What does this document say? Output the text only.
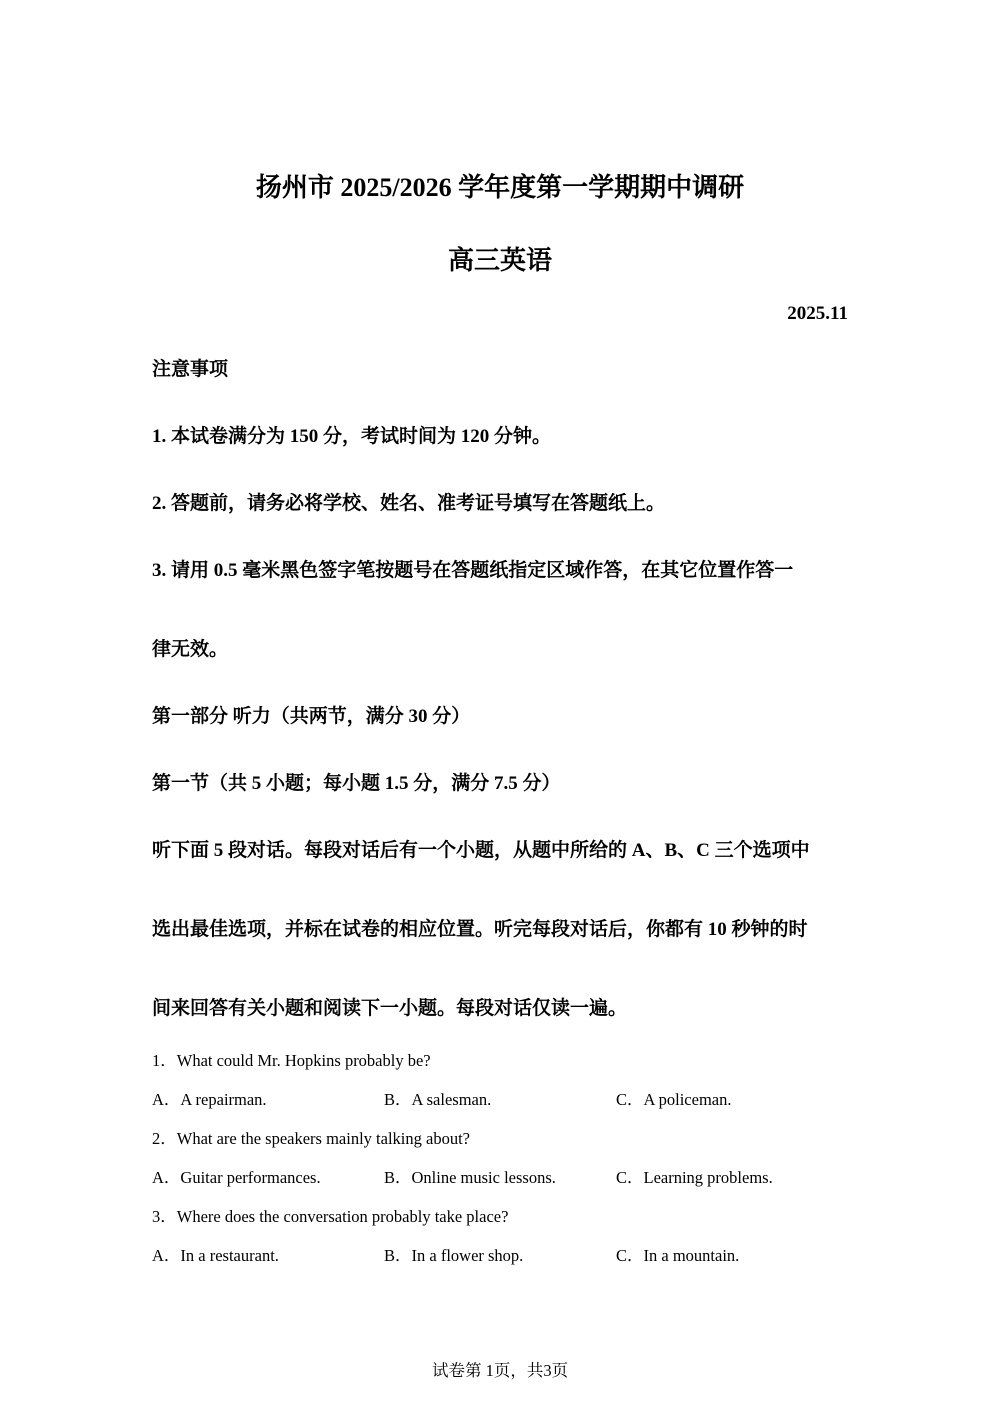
扬州市 2025/2026 学年度第一学期期中调研
高三英语
2025.11
注意事项
1. 本试卷满分为 150 分，考试时间为 120 分钟。
2. 答题前，请务必将学校、姓名、准考证号填写在答题纸上。
3. 请用 0.5 毫米黑色签字笔按题号在答题纸指定区域作答，在其它位置作答一
律无效。
第一部分 听力（共两节，满分 30 分）
第一节（共 5 小题；每小题 1.5 分，满分 7.5 分）
听下面 5 段对话。每段对话后有一个小题，从题中所给的 A、B、C 三个选项中
选出最佳选项，并标在试卷的相应位置。听完每段对话后，你都有 10 秒钟的时
间来回答有关小题和阅读下一小题。每段对话仅读一遍。
1．What could Mr. Hopkins probably be?
A．A repairman.	B．A salesman.	C．A policeman.
2．What are the speakers mainly talking about?
A．Guitar performances.	B．Online music lessons.	C．Learning problems.
3．Where does the conversation probably take place?
A．In a restaurant.	B．In a flower shop.	C．In a mountain.
试卷第 1页，共3页
